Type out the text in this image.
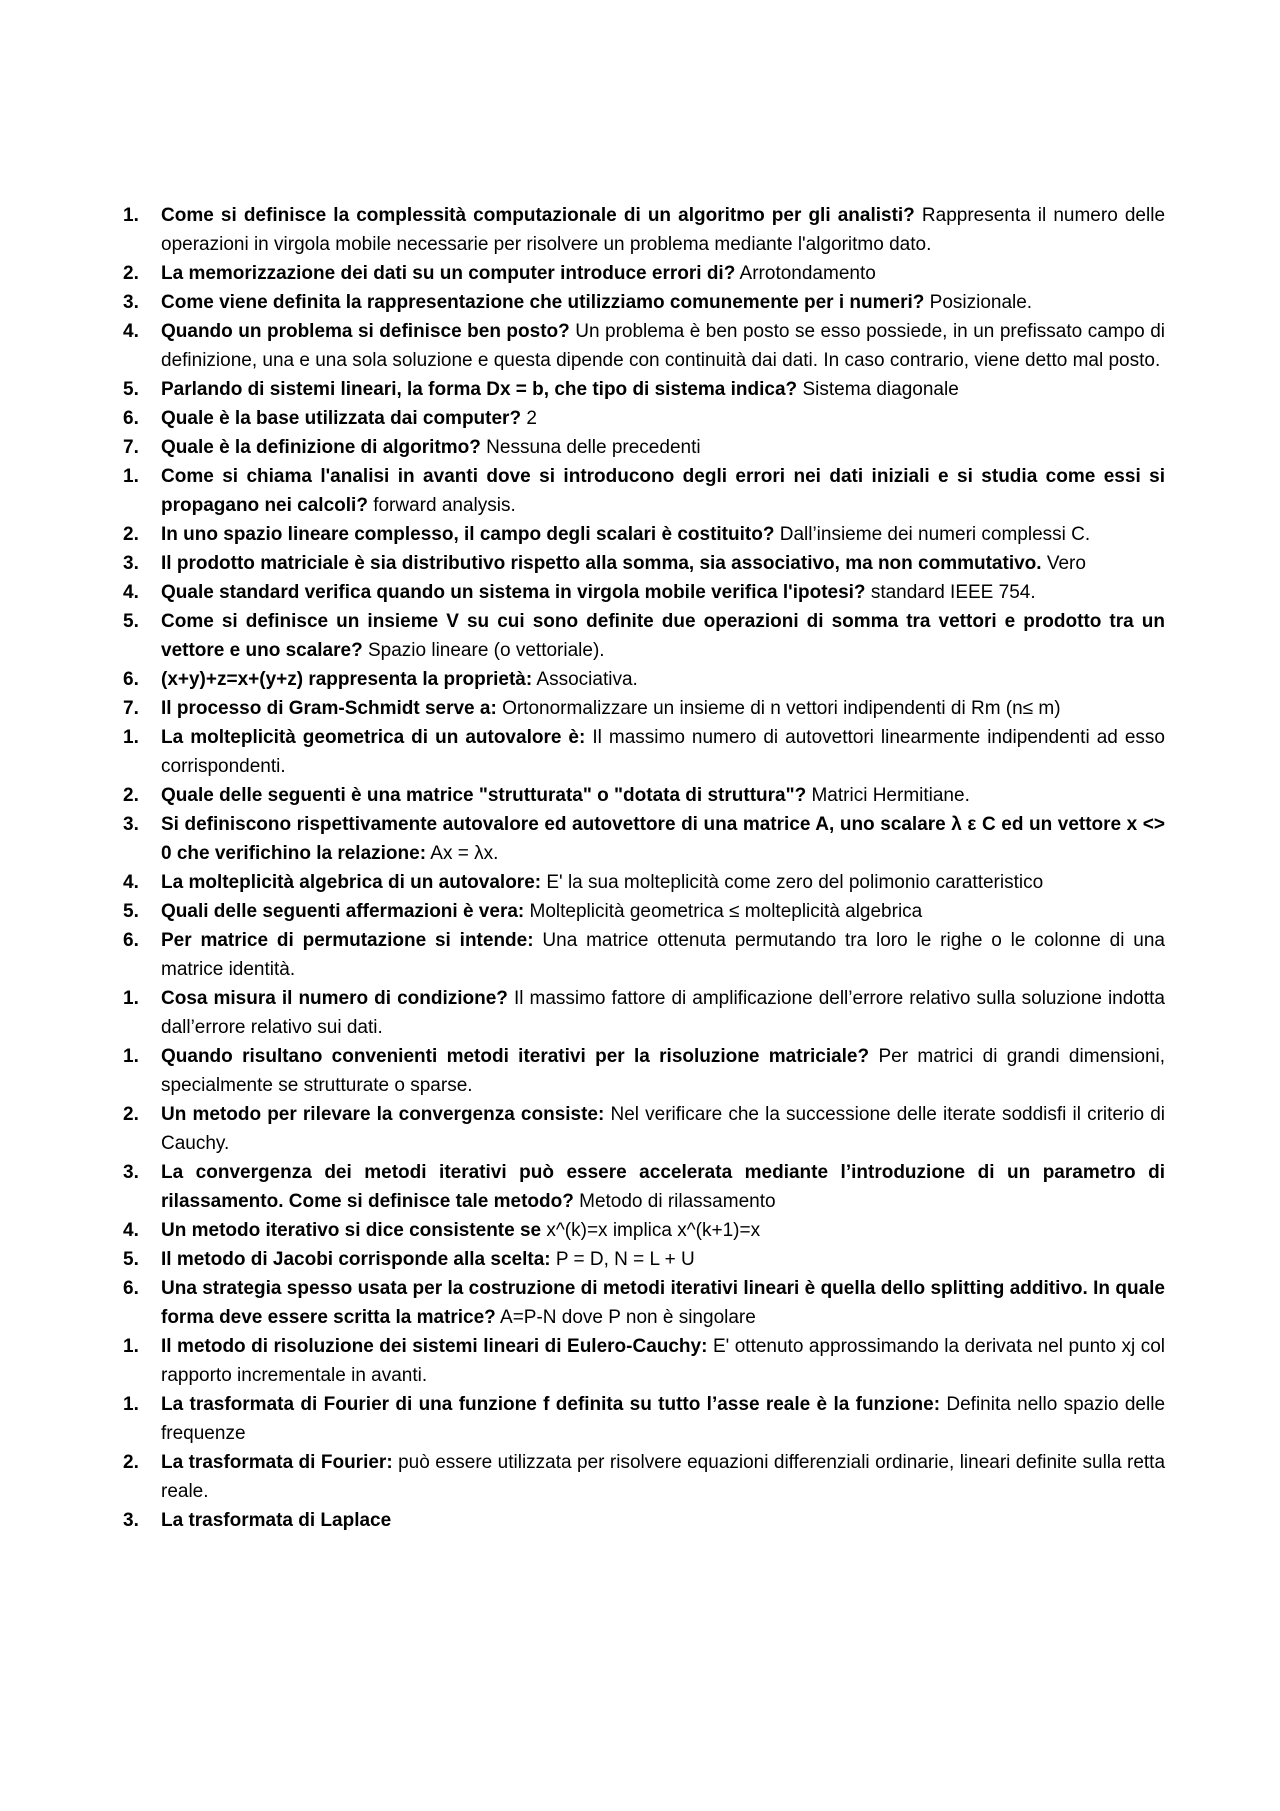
1.	Come si definisce la complessità computazionale di un algoritmo per gli analisti? Rappresenta il numero delle operazioni in virgola mobile necessarie per risolvere un problema mediante l'algoritmo dato.
2.	La memorizzazione dei dati su un computer introduce errori di? Arrotondamento
3.	Come viene definita la rappresentazione che utilizziamo comunemente per i numeri? Posizionale.
4.	Quando un problema si definisce ben posto? Un problema è ben posto se esso possiede, in un prefissato campo di definizione, una e una sola soluzione e questa dipende con continuità dai dati. In caso contrario, viene detto mal posto.
5.	Parlando di sistemi lineari, la forma Dx = b, che tipo di sistema indica? Sistema diagonale
6.	Quale è la base utilizzata dai computer? 2
7.	Quale è la definizione di algoritmo? Nessuna delle precedenti
1.	Come si chiama l'analisi in avanti dove si introducono degli errori nei dati iniziali e si studia come essi si propagano nei calcoli? forward analysis.
2.	In uno spazio lineare complesso, il campo degli scalari è costituito? Dall’insieme dei numeri complessi C.
3.	Il prodotto matriciale è sia distributivo rispetto alla somma, sia associativo, ma non commutativo. Vero
4.	Quale standard verifica quando un sistema in virgola mobile verifica l'ipotesi? standard IEEE 754.
5.	Come si definisce un insieme V su cui sono definite due operazioni di somma tra vettori e prodotto tra un vettore e uno scalare? Spazio lineare (o vettoriale).
6.	(x+y)+z=x+(y+z) rappresenta la proprietà: Associativa.
7.	Il processo di Gram-Schmidt serve a: Ortonormalizzare un insieme di n vettori indipendenti di Rm (n≤ m)
1.	La molteplicità geometrica di un autovalore è: Il massimo numero di autovettori linearmente indipendenti ad esso corrispondenti.
2.	Quale delle seguenti è una matrice "strutturata" o "dotata di struttura"? Matrici Hermitiane.
3.	Si definiscono rispettivamente autovalore ed autovettore di una matrice A, uno scalare λ ε C ed un vettore x <> 0 che verifichino la relazione: Ax = λx.
4.	La molteplicità algebrica di un autovalore: E' la sua molteplicità come zero del polimonio caratteristico
5.	Quali delle seguenti affermazioni è vera: Molteplicità geometrica ≤ molteplicità algebrica
6.	Per matrice di permutazione si intende: Una matrice ottenuta permutando tra loro le righe o le colonne di una matrice identità.
1.	Cosa misura il numero di condizione? Il massimo fattore di amplificazione dell’errore relativo sulla soluzione indotta dall’errore relativo sui dati.
1.	Quando risultano convenienti metodi iterativi per la risoluzione matriciale? Per matrici di grandi dimensioni, specialmente se strutturate o sparse.
2.	Un metodo per rilevare la convergenza consiste: Nel verificare che la successione delle iterate soddisfi il criterio di Cauchy.
3.	La convergenza dei metodi iterativi può essere accelerata mediante l’introduzione di un parametro di rilassamento. Come si definisce tale metodo? Metodo di rilassamento
4.	Un metodo iterativo si dice consistente se x^(k)=x implica x^(k+1)=x
5.	Il metodo di Jacobi corrisponde alla scelta: P = D, N = L + U
6.	Una strategia spesso usata per la costruzione di metodi iterativi lineari è quella dello splitting additivo. In quale forma deve essere scritta la matrice? A=P-N dove P non è singolare
1.	Il metodo di risoluzione dei sistemi lineari di Eulero-Cauchy: E' ottenuto approssimando la derivata nel punto xj col rapporto incrementale in avanti.
1.	La trasformata di Fourier di una funzione f definita su tutto l’asse reale è la funzione: Definita nello spazio delle frequenze
2.	La trasformata di Fourier: può essere utilizzata per risolvere equazioni differenziali ordinarie, lineari definite sulla retta reale.
3.	La trasformata di Laplace
